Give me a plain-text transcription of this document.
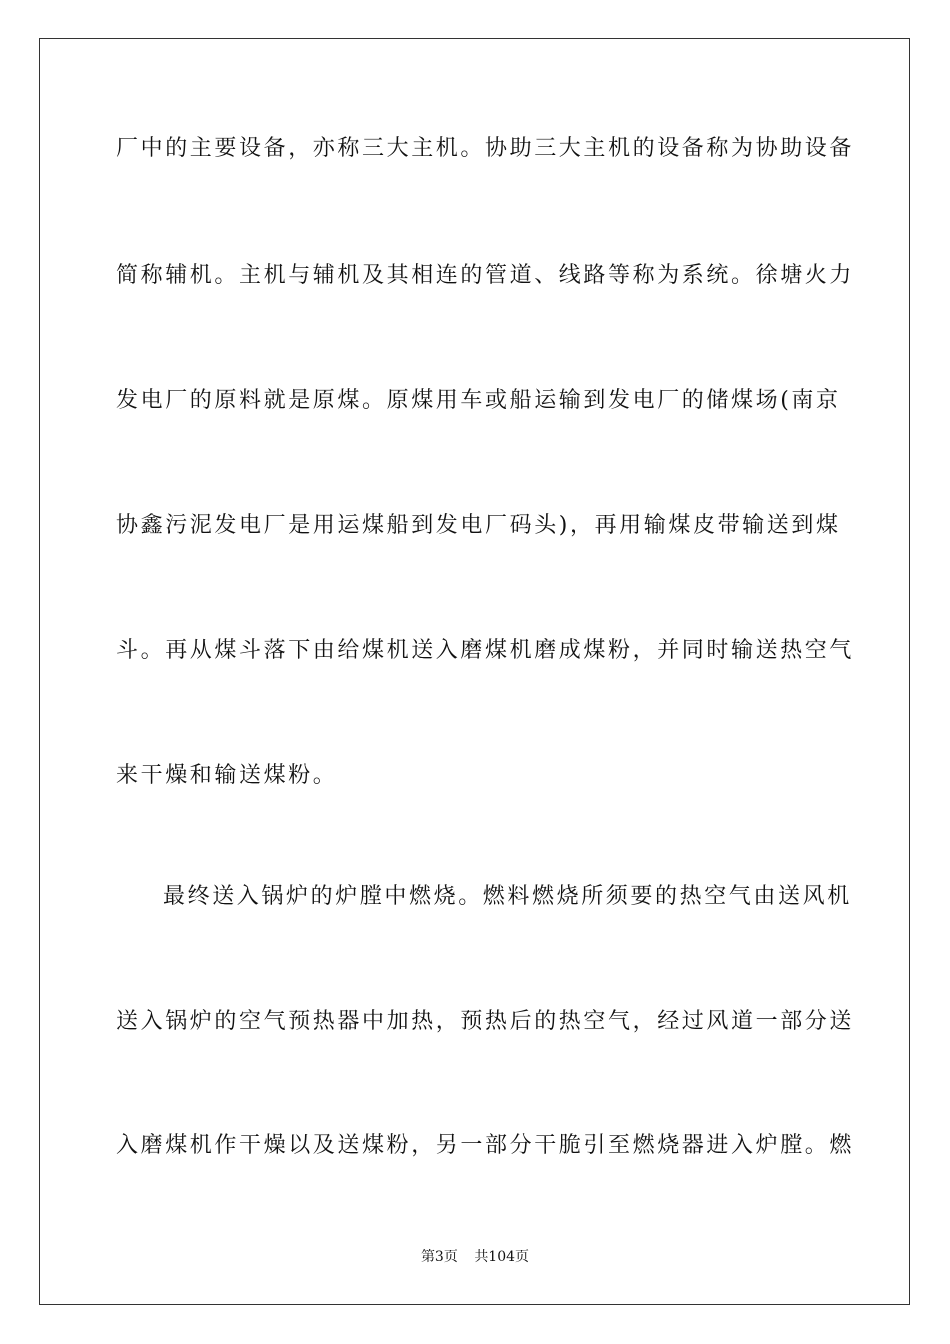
厂中的主要设备，亦称三大主机。协助三大主机的设备称为协助设备
简称辅机。主机与辅机及其相连的管道、线路等称为系统。徐塘火力
发电厂的原料就是原煤。原煤用车或船运输到发电厂的储煤场(南京
协鑫污泥发电厂是用运煤船到发电厂码头)，再用输煤皮带输送到煤
斗。再从煤斗落下由给煤机送入磨煤机磨成煤粉，并同时输送热空气
来干燥和输送煤粉。
最终送入锅炉的炉膛中燃烧。燃料燃烧所须要的热空气由送风机
送入锅炉的空气预热器中加热，预热后的热空气，经过风道一部分送
入磨煤机作干燥以及送煤粉，另一部分干脆引至燃烧器进入炉膛。燃
第3页 共104页
